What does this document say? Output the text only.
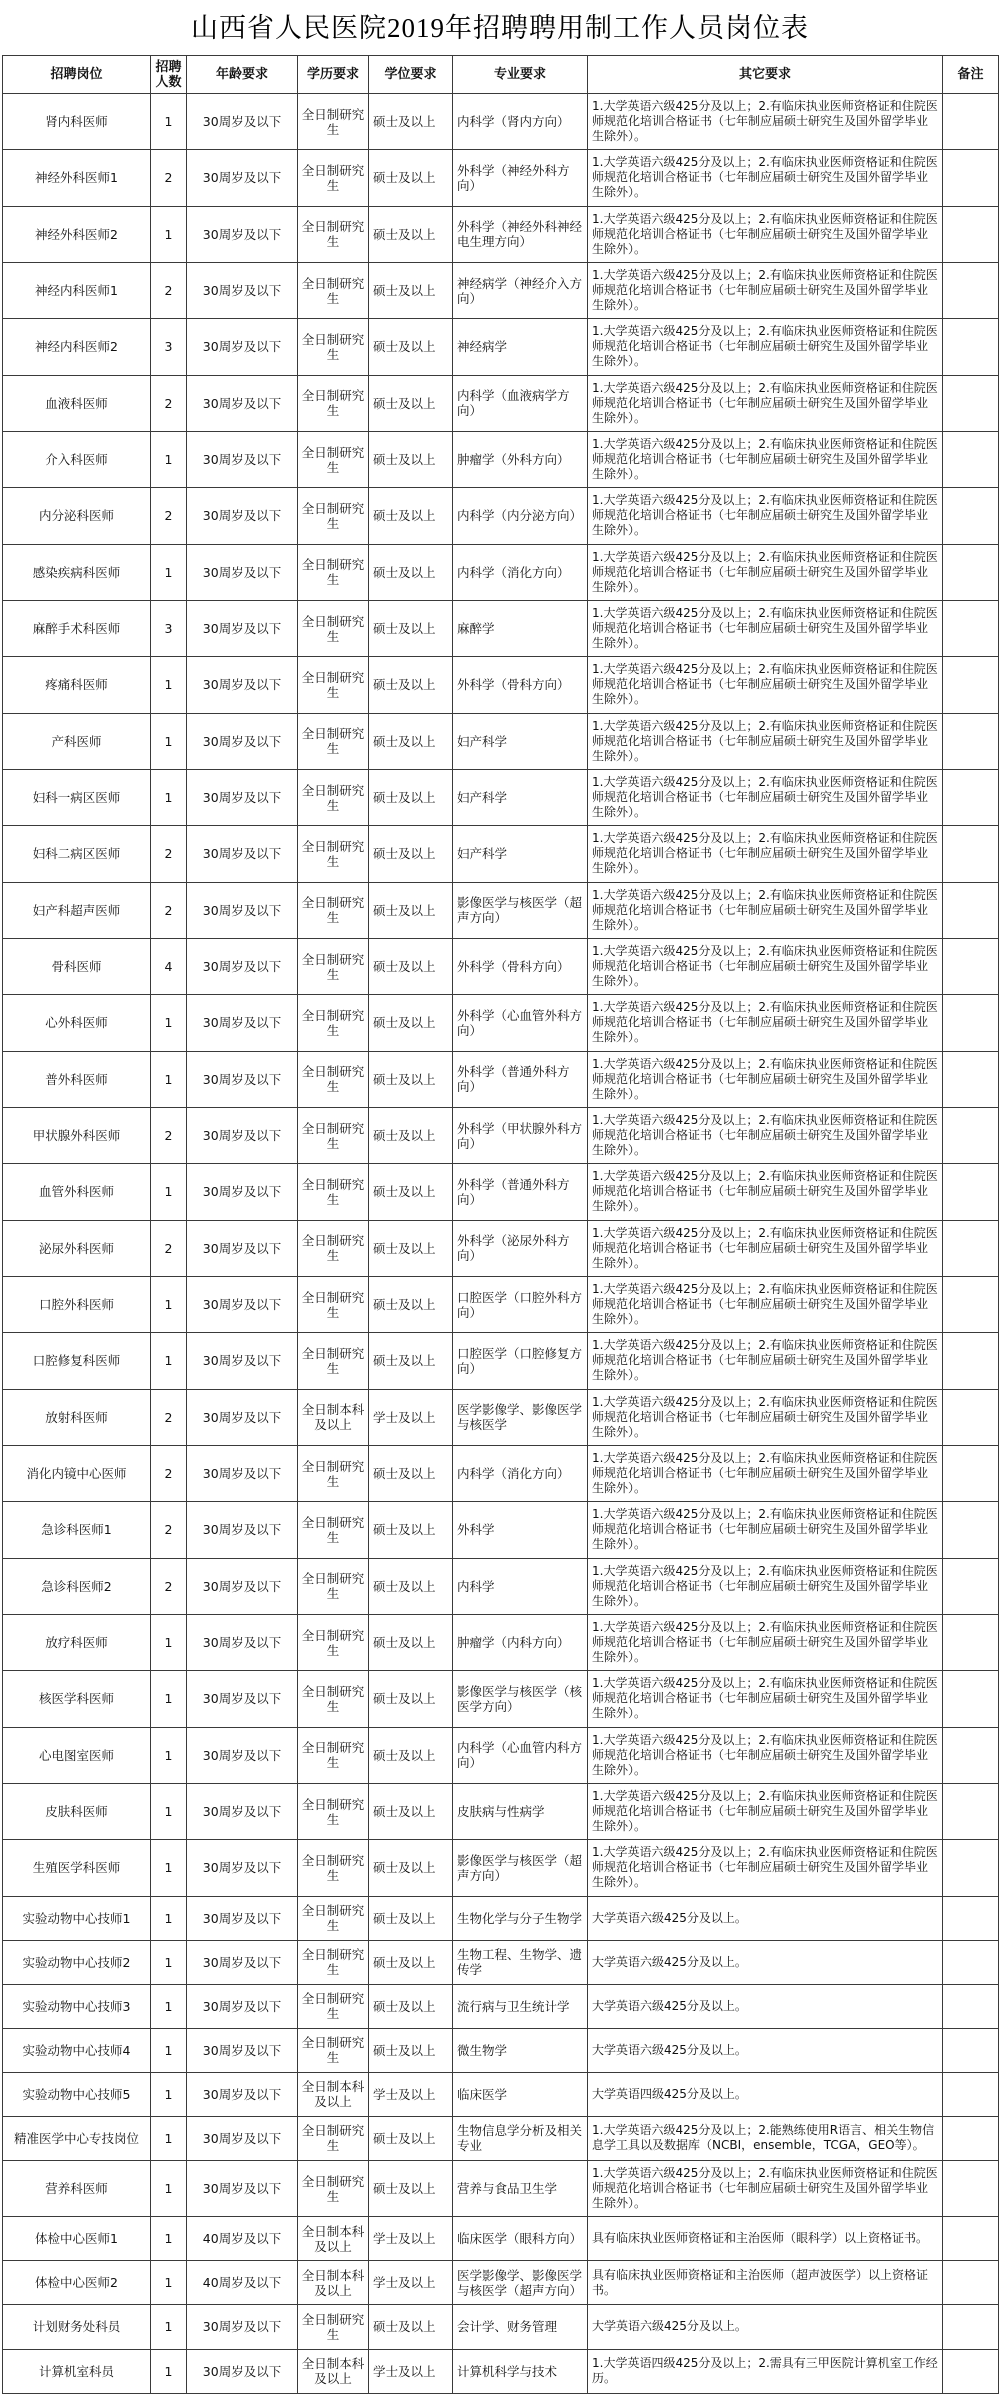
山西省人民医院2019年招聘聘用制工作人员岗位表
招聘岗位	招聘人数	年龄要求	学历要求	学位要求	专业要求	其它要求	备注
肾内科医师	1	30周岁及以下	全日制研究生	硕士及以上	内科学（肾内方向）	1.大学英语六级425分及以上；2.有临床执业医师资格证和住院医师规范化培训合格证书（七年制应届硕士研究生及国外留学毕业生除外）。	
神经外科医师1	2	30周岁及以下	全日制研究生	硕士及以上	外科学（神经外科方向）	1.大学英语六级425分及以上；2.有临床执业医师资格证和住院医师规范化培训合格证书（七年制应届硕士研究生及国外留学毕业生除外）。	
神经外科医师2	1	30周岁及以下	全日制研究生	硕士及以上	外科学（神经外科神经电生理方向）	1.大学英语六级425分及以上；2.有临床执业医师资格证和住院医师规范化培训合格证书（七年制应届硕士研究生及国外留学毕业生除外）。	
神经内科医师1	2	30周岁及以下	全日制研究生	硕士及以上	神经病学（神经介入方向）	1.大学英语六级425分及以上；2.有临床执业医师资格证和住院医师规范化培训合格证书（七年制应届硕士研究生及国外留学毕业生除外）。	
神经内科医师2	3	30周岁及以下	全日制研究生	硕士及以上	神经病学	1.大学英语六级425分及以上；2.有临床执业医师资格证和住院医师规范化培训合格证书（七年制应届硕士研究生及国外留学毕业生除外）。	
血液科医师	2	30周岁及以下	全日制研究生	硕士及以上	内科学（血液病学方向）	1.大学英语六级425分及以上；2.有临床执业医师资格证和住院医师规范化培训合格证书（七年制应届硕士研究生及国外留学毕业生除外）。	
介入科医师	1	30周岁及以下	全日制研究生	硕士及以上	肿瘤学（外科方向）	1.大学英语六级425分及以上；2.有临床执业医师资格证和住院医师规范化培训合格证书（七年制应届硕士研究生及国外留学毕业生除外）。	
内分泌科医师	2	30周岁及以下	全日制研究生	硕士及以上	内科学（内分泌方向）	1.大学英语六级425分及以上；2.有临床执业医师资格证和住院医师规范化培训合格证书（七年制应届硕士研究生及国外留学毕业生除外）。	
感染疾病科医师	1	30周岁及以下	全日制研究生	硕士及以上	内科学（消化方向）	1.大学英语六级425分及以上；2.有临床执业医师资格证和住院医师规范化培训合格证书（七年制应届硕士研究生及国外留学毕业生除外）。	
麻醉手术科医师	3	30周岁及以下	全日制研究生	硕士及以上	麻醉学	1.大学英语六级425分及以上；2.有临床执业医师资格证和住院医师规范化培训合格证书（七年制应届硕士研究生及国外留学毕业生除外）。	
疼痛科医师	1	30周岁及以下	全日制研究生	硕士及以上	外科学（骨科方向）	1.大学英语六级425分及以上；2.有临床执业医师资格证和住院医师规范化培训合格证书（七年制应届硕士研究生及国外留学毕业生除外）。	
产科医师	1	30周岁及以下	全日制研究生	硕士及以上	妇产科学	1.大学英语六级425分及以上；2.有临床执业医师资格证和住院医师规范化培训合格证书（七年制应届硕士研究生及国外留学毕业生除外）。	
妇科一病区医师	1	30周岁及以下	全日制研究生	硕士及以上	妇产科学	1.大学英语六级425分及以上；2.有临床执业医师资格证和住院医师规范化培训合格证书（七年制应届硕士研究生及国外留学毕业生除外）。	
妇科二病区医师	2	30周岁及以下	全日制研究生	硕士及以上	妇产科学	1.大学英语六级425分及以上；2.有临床执业医师资格证和住院医师规范化培训合格证书（七年制应届硕士研究生及国外留学毕业生除外）。	
妇产科超声医师	2	30周岁及以下	全日制研究生	硕士及以上	影像医学与核医学（超声方向）	1.大学英语六级425分及以上；2.有临床执业医师资格证和住院医师规范化培训合格证书（七年制应届硕士研究生及国外留学毕业生除外）。	
骨科医师	4	30周岁及以下	全日制研究生	硕士及以上	外科学（骨科方向）	1.大学英语六级425分及以上；2.有临床执业医师资格证和住院医师规范化培训合格证书（七年制应届硕士研究生及国外留学毕业生除外）。	
心外科医师	1	30周岁及以下	全日制研究生	硕士及以上	外科学（心血管外科方向）	1.大学英语六级425分及以上；2.有临床执业医师资格证和住院医师规范化培训合格证书（七年制应届硕士研究生及国外留学毕业生除外）。	
普外科医师	1	30周岁及以下	全日制研究生	硕士及以上	外科学（普通外科方向）	1.大学英语六级425分及以上；2.有临床执业医师资格证和住院医师规范化培训合格证书（七年制应届硕士研究生及国外留学毕业生除外）。	
甲状腺外科医师	2	30周岁及以下	全日制研究生	硕士及以上	外科学（甲状腺外科方向）	1.大学英语六级425分及以上；2.有临床执业医师资格证和住院医师规范化培训合格证书（七年制应届硕士研究生及国外留学毕业生除外）。	
血管外科医师	1	30周岁及以下	全日制研究生	硕士及以上	外科学（普通外科方向）	1.大学英语六级425分及以上；2.有临床执业医师资格证和住院医师规范化培训合格证书（七年制应届硕士研究生及国外留学毕业生除外）。	
泌尿外科医师	2	30周岁及以下	全日制研究生	硕士及以上	外科学（泌尿外科方向）	1.大学英语六级425分及以上；2.有临床执业医师资格证和住院医师规范化培训合格证书（七年制应届硕士研究生及国外留学毕业生除外）。	
口腔外科医师	1	30周岁及以下	全日制研究生	硕士及以上	口腔医学（口腔外科方向）	1.大学英语六级425分及以上；2.有临床执业医师资格证和住院医师规范化培训合格证书（七年制应届硕士研究生及国外留学毕业生除外）。	
口腔修复科医师	1	30周岁及以下	全日制研究生	硕士及以上	口腔医学（口腔修复方向）	1.大学英语六级425分及以上；2.有临床执业医师资格证和住院医师规范化培训合格证书（七年制应届硕士研究生及国外留学毕业生除外）。	
放射科医师	2	30周岁及以下	全日制本科及以上	学士及以上	医学影像学、影像医学与核医学	1.大学英语六级425分及以上；2.有临床执业医师资格证和住院医师规范化培训合格证书（七年制应届硕士研究生及国外留学毕业生除外）。	
消化内镜中心医师	2	30周岁及以下	全日制研究生	硕士及以上	内科学（消化方向）	1.大学英语六级425分及以上；2.有临床执业医师资格证和住院医师规范化培训合格证书（七年制应届硕士研究生及国外留学毕业生除外）。	
急诊科医师1	2	30周岁及以下	全日制研究生	硕士及以上	外科学	1.大学英语六级425分及以上；2.有临床执业医师资格证和住院医师规范化培训合格证书（七年制应届硕士研究生及国外留学毕业生除外）。	
急诊科医师2	2	30周岁及以下	全日制研究生	硕士及以上	内科学	1.大学英语六级425分及以上；2.有临床执业医师资格证和住院医师规范化培训合格证书（七年制应届硕士研究生及国外留学毕业生除外）。	
放疗科医师	1	30周岁及以下	全日制研究生	硕士及以上	肿瘤学（内科方向）	1.大学英语六级425分及以上；2.有临床执业医师资格证和住院医师规范化培训合格证书（七年制应届硕士研究生及国外留学毕业生除外）。	
核医学科医师	1	30周岁及以下	全日制研究生	硕士及以上	影像医学与核医学（核医学方向）	1.大学英语六级425分及以上；2.有临床执业医师资格证和住院医师规范化培训合格证书（七年制应届硕士研究生及国外留学毕业生除外）。	
心电图室医师	1	30周岁及以下	全日制研究生	硕士及以上	内科学（心血管内科方向）	1.大学英语六级425分及以上；2.有临床执业医师资格证和住院医师规范化培训合格证书（七年制应届硕士研究生及国外留学毕业生除外）。	
皮肤科医师	1	30周岁及以下	全日制研究生	硕士及以上	皮肤病与性病学	1.大学英语六级425分及以上；2.有临床执业医师资格证和住院医师规范化培训合格证书（七年制应届硕士研究生及国外留学毕业生除外）。	
生殖医学科医师	1	30周岁及以下	全日制研究生	硕士及以上	影像医学与核医学（超声方向）	1.大学英语六级425分及以上；2.有临床执业医师资格证和住院医师规范化培训合格证书（七年制应届硕士研究生及国外留学毕业生除外）。	
实验动物中心技师1	1	30周岁及以下	全日制研究生	硕士及以上	生物化学与分子生物学	大学英语六级425分及以上。	
实验动物中心技师2	1	30周岁及以下	全日制研究生	硕士及以上	生物工程、生物学、遗传学	大学英语六级425分及以上。	
实验动物中心技师3	1	30周岁及以下	全日制研究生	硕士及以上	流行病与卫生统计学	大学英语六级425分及以上。	
实验动物中心技师4	1	30周岁及以下	全日制研究生	硕士及以上	微生物学	大学英语六级425分及以上。	
实验动物中心技师5	1	30周岁及以下	全日制本科及以上	学士及以上	临床医学	大学英语四级425分及以上。	
精准医学中心专技岗位	1	30周岁及以下	全日制研究生	硕士及以上	生物信息学分析及相关专业	1.大学英语六级425分及以上；2.能熟练使用R语言、相关生物信息学工具以及数据库（NCBI，ensemble，TCGA，GEO等）。	
营养科医师	1	30周岁及以下	全日制研究生	硕士及以上	营养与食品卫生学	1.大学英语六级425分及以上；2.有临床执业医师资格证和住院医师规范化培训合格证书（七年制应届硕士研究生及国外留学毕业生除外）。	
体检中心医师1	1	40周岁及以下	全日制本科及以上	学士及以上	临床医学（眼科方向）	具有临床执业医师资格证和主治医师（眼科学）以上资格证书。	
体检中心医师2	1	40周岁及以下	全日制本科及以上	学士及以上	医学影像学、影像医学与核医学（超声方向）	具有临床执业医师资格证和主治医师（超声波医学）以上资格证书。	
计划财务处科员	1	30周岁及以下	全日制研究生	硕士及以上	会计学、财务管理	大学英语六级425分及以上。	
计算机室科员	1	30周岁及以下	全日制本科及以上	学士及以上	计算机科学与技术	1.大学英语四级425分及以上；2.需具有三甲医院计算机室工作经历。	
